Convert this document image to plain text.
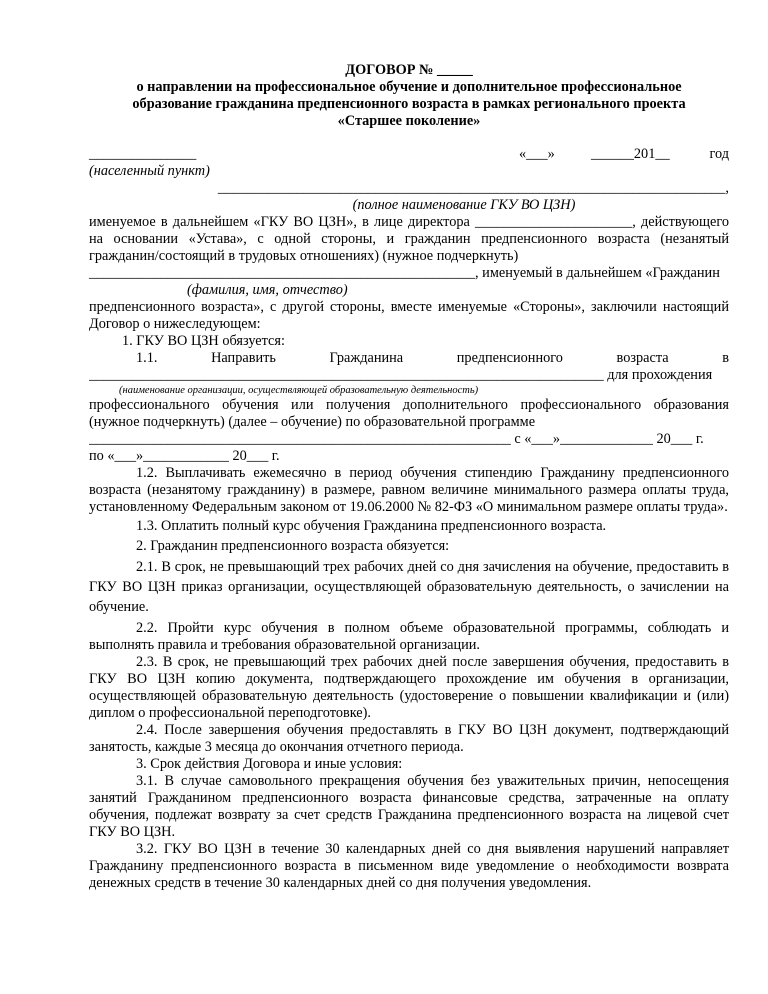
ДОГОВОР № _____
о направлении на профессиональное обучение и дополнительное профессиональное
образование гражданина предпенсионного возраста в рамках регионального проекта
«Старшее поколение»
_______________	«___»	______201__	год
(населенный пункт)
_______________________________________________________________________,
(полное наименование ГКУ ВО ЦЗН)

именуемое в дальнейшем «ГКУ ВО ЦЗН», в лице директора ______________________, действующего на основании «Устава», с одной стороны, и гражданин предпенсионного возраста (незанятый гражданин/состоящий в трудовых отношениях) (нужное подчеркнуть)

______________________________________________________, именуемый в дальнейшем «Гражданин
(фамилия, имя, отчество)

предпенсионного возраста», с другой стороны, вместе именуемые «Стороны», заключили настоящий Договор о нижеследующем:

1. ГКУ ВО ЦЗН обязуется:

1.1.	Направить	Гражданина	предпенсионного	возраста	в
________________________________________________________________________ для прохождения
(наименование организации, осуществляющей образовательную деятельность)

профессионального обучения или получения дополнительного профессионального образования (нужное подчеркнуть) (далее – обучение) по образовательной программе

___________________________________________________________ с «___»_____________ 20___ г.
по «___»____________ 20___ г.

1.2. Выплачивать ежемесячно в период обучения стипендию Гражданину предпенсионного возраста (незанятому гражданину) в размере, равном величине минимального размера оплаты труда, установленному Федеральным законом от 19.06.2000 № 82-ФЗ «О минимальном размере оплаты труда».

1.3. Оплатить полный курс обучения Гражданина предпенсионного возраста.

2. Гражданин предпенсионного возраста обязуется:

2.1. В срок, не превышающий трех рабочих дней со дня зачисления на обучение, предоставить в ГКУ ВО ЦЗН приказ организации, осуществляющей образовательную деятельность, о зачислении на обучение.

2.2. Пройти курс обучения в полном объеме образовательной программы, соблюдать и выполнять правила и требования образовательной организации.

2.3. В срок, не превышающий трех рабочих дней после завершения обучения, предоставить в ГКУ ВО ЦЗН копию документа, подтверждающего прохождение им обучения в организации, осуществляющей образовательную деятельность (удостоверение о повышении квалификации и (или) диплом о профессиональной переподготовке).

2.4. После завершения обучения предоставлять в ГКУ ВО ЦЗН документ, подтверждающий занятость, каждые 3 месяца до окончания отчетного периода.

3. Срок действия Договора и иные условия:

3.1. В случае самовольного прекращения обучения без уважительных причин, непосещения занятий Гражданином предпенсионного возраста финансовые средства, затраченные на оплату обучения, подлежат возврату за счет средств Гражданина предпенсионного возраста на лицевой счет ГКУ ВО ЦЗН.

3.2. ГКУ ВО ЦЗН в течение 30 календарных дней со дня выявления нарушений направляет Гражданину предпенсионного возраста в письменном виде уведомление о необходимости возврата денежных средств в течение 30 календарных дней со дня получения уведомления.
